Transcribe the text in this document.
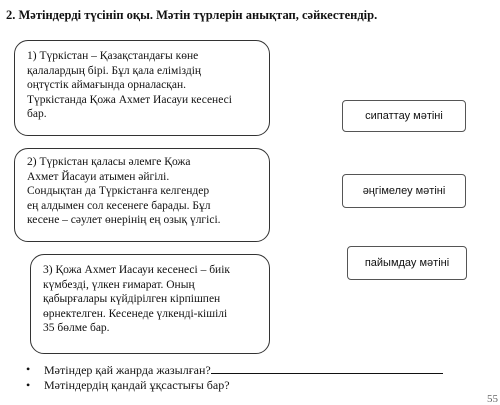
2. Мәтіндерді түсініп оқы. Мәтін түрлерін анықтап, сәйкестендір.

1) Түркістан – Қазақстандағы көне

қалалардың бірі. Бұл қала еліміздің

оңтүстік аймағында орналасқан.

Түркістанда Қожа Ахмет Иасауи кесенесі

бар.

2) Түркістан қаласы әлемге Қожа

Ахмет Йасауи атымен әйгілі.

Сондықтан да Түркістанға келгендер

ең алдымен сол кесенеге барады. Бұл

кесене – сәулет өнерінің ең озық үлгісі.

3) Қожа Ахмет Иасауи кесенесі – биік

күмбезді, үлкен ғимарат. Оның

қабырғалары күйдірілген кірпішпен

өрнектелген. Кесенеде үлкенді-кішілі

35 бөлме бар.

сипаттау мәтіні
әңгімелеу мәтіні
пайымдау мәтіні
• Мәтіндер қай жанрда жазылған?
• Мәтіндердің қандай ұқсастығы бар?
55
